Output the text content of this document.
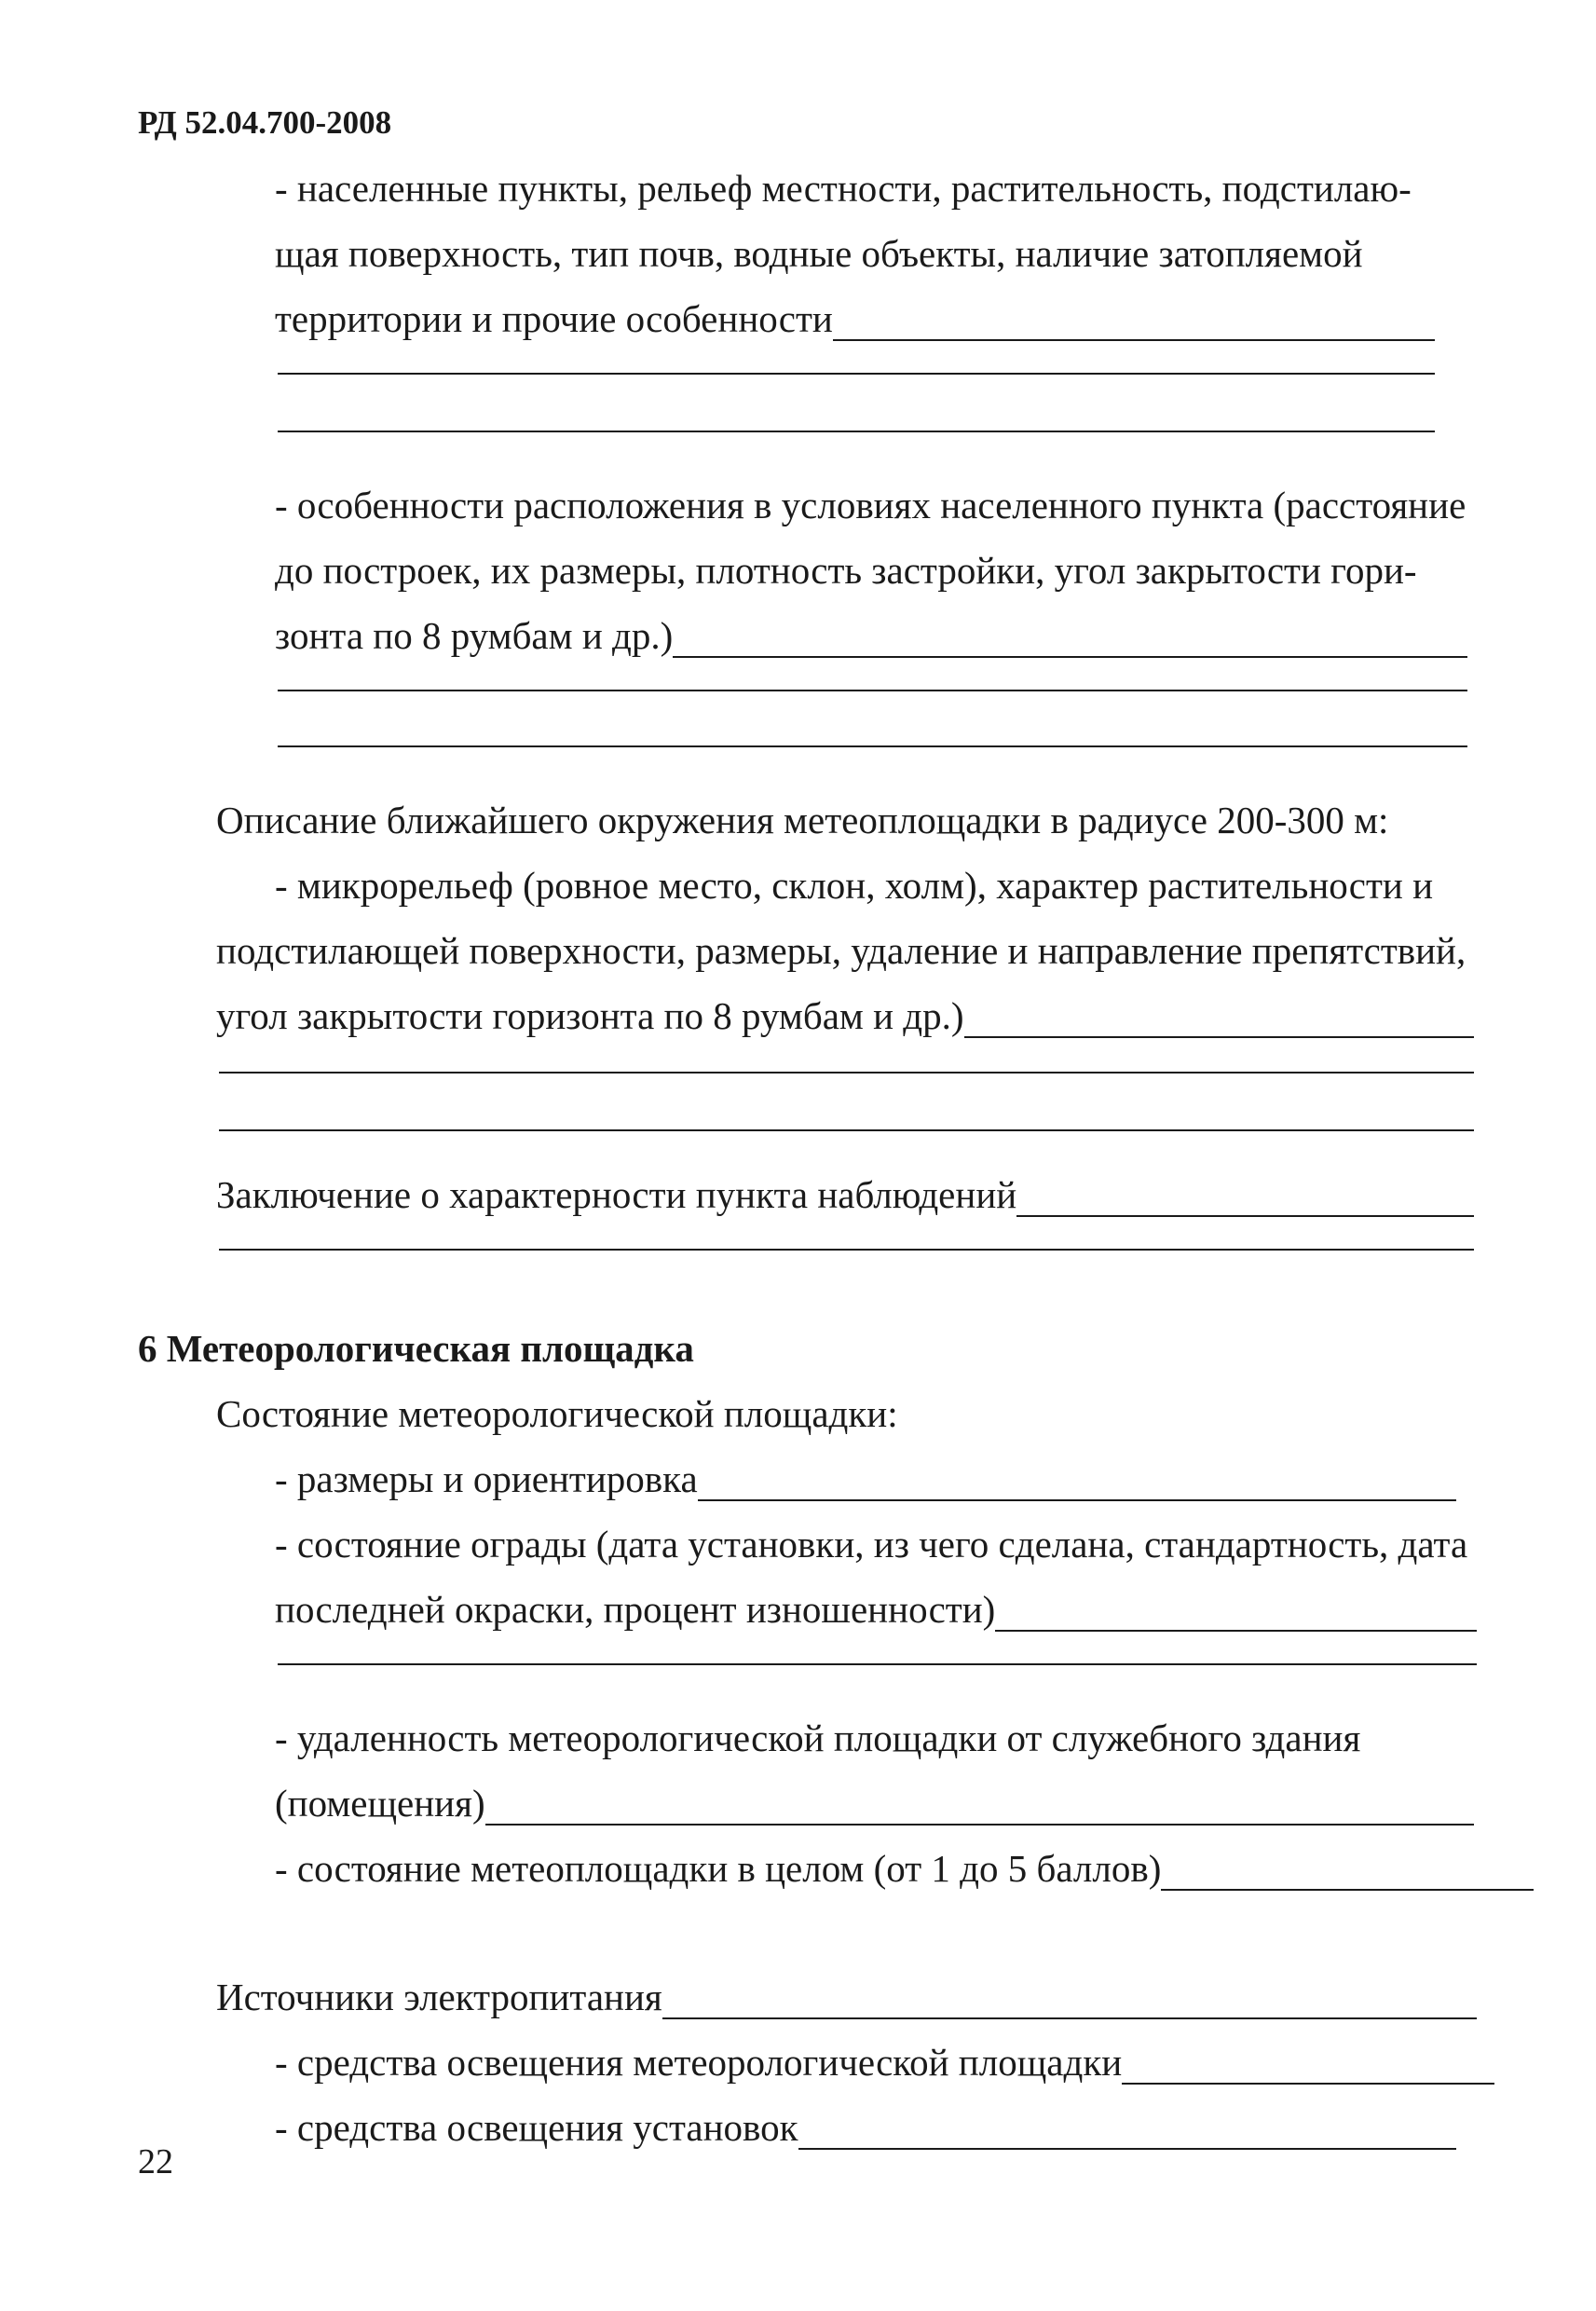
РД 52.04.700-2008
- населенные пункты, рельеф местности, растительность, подстилаю-
щая поверхность, тип почв, водные объекты, наличие затопляемой
территории и прочие особенности
- особенности расположения в условиях населенного пункта (расстояние
до построек, их размеры, плотность застройки, угол закрытости гори-
зонта по 8 румбам и др.)
Описание ближайшего окружения метеоплощадки в радиусе 200-300 м:
- микрорельеф (ровное место, склон, холм), характер растительности и
подстилающей поверхности, размеры, удаление и направление препятствий,
угол закрытости горизонта по 8 румбам и др.)
Заключение о характерности пункта наблюдений
6 Метеорологическая площадка
Состояние метеорологической площадки:
- размеры и ориентировка
- состояние ограды (дата установки, из чего сделана, стандартность, дата
последней окраски, процент изношенности)
- удаленность метеорологической площадки от служебного здания
(помещения)
- состояние метеоплощадки в целом (от 1 до 5 баллов)
Источники электропитания
- средства освещения метеорологической площадки
- средства освещения установок
22
